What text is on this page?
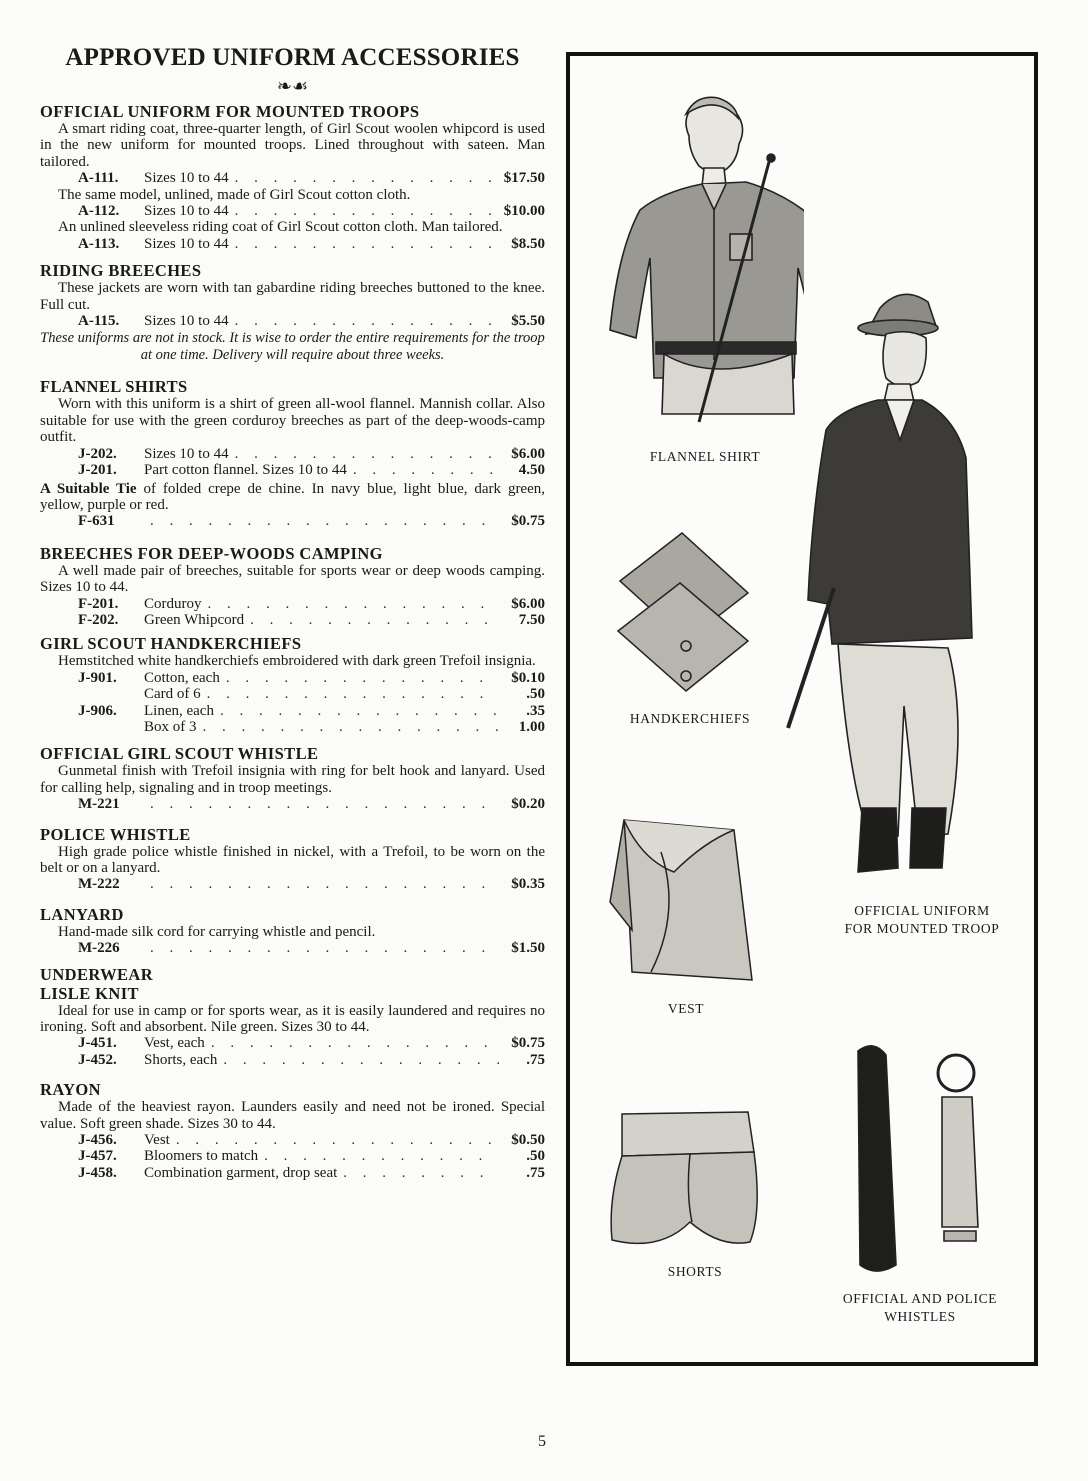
APPROVED UNIFORM ACCESSORIES
❧☙
OFFICIAL UNIFORM FOR MOUNTED TROOPS
A smart riding coat, three-quarter length, of Girl Scout woolen whipcord is used in the new uniform for mounted troops. Lined throughout with sateen. Man tailored.
A-111.	Sizes 10 to 44 . . .	$17.50
The same model, unlined, made of Girl Scout cotton cloth.
A-112.	Sizes 10 to 44 . . .	$10.00
An unlined sleeveless riding coat of Girl Scout cotton cloth. Man tailored.
A-113.	Sizes 10 to 44 . . .	$8.50
RIDING BREECHES
These jackets are worn with tan gabardine riding breeches buttoned to the knee. Full cut.
A-115.	Sizes 10 to 44 . . .	$5.50
These uniforms are not in stock. It is wise to order the entire requirements for the troop at one time. Delivery will require about three weeks.
FLANNEL SHIRTS
Worn with this uniform is a shirt of green all-wool flannel. Mannish collar. Also suitable for use with the green corduroy breeches as part of the deep-woods-camp outfit.
J-202.	Sizes 10 to 44 . . .	$6.00
J-201.	Part cotton flannel. Sizes 10 to 44 . . .	4.50
A Suitable Tie of folded crepe de chine. In navy blue, light blue, dark green, yellow, purple or red.
F-631 . . .	$0.75
BREECHES FOR DEEP-WOODS CAMPING
A well made pair of breeches, suitable for sports wear or deep woods camping. Sizes 10 to 44.
F-201.	Corduroy . . .	$6.00
F-202.	Green Whipcord . . .	7.50
GIRL SCOUT HANDKERCHIEFS
Hemstitched white handkerchiefs embroidered with dark green Trefoil insignia.
J-901.	Cotton, each . . .	$0.10
Card of 6 . . .	.50
J-906.	Linen, each . . .	.35
Box of 3 . . .	1.00
OFFICIAL GIRL SCOUT WHISTLE
Gunmetal finish with Trefoil insignia with ring for belt hook and lanyard. Used for calling help, signaling and in troop meetings.
M-221 . . .	$0.20
POLICE WHISTLE
High grade police whistle finished in nickel, with a Trefoil, to be worn on the belt or on a lanyard.
M-222 . . .	$0.35
LANYARD
Hand-made silk cord for carrying whistle and pencil.
M-226 . . .	$1.50
UNDERWEAR
LISLE KNIT
Ideal for use in camp or for sports wear, as it is easily laundered and requires no ironing. Soft and absorbent. Nile green. Sizes 30 to 44.
J-451.	Vest, each . . .	$0.75
J-452.	Shorts, each . . .	.75
RAYON
Made of the heaviest rayon. Launders easily and need not be ironed. Special value. Soft green shade. Sizes 30 to 44.
J-456.	Vest . . .	$0.50
J-457.	Bloomers to match . . .	.50
J-458.	Combination garment, drop seat . . .	.75
5
FLANNEL SHIRT
HANDKERCHIEFS
VEST
SHORTS
OFFICIAL UNIFORM
FOR MOUNTED TROOP
OFFICIAL AND POLICE
WHISTLES
